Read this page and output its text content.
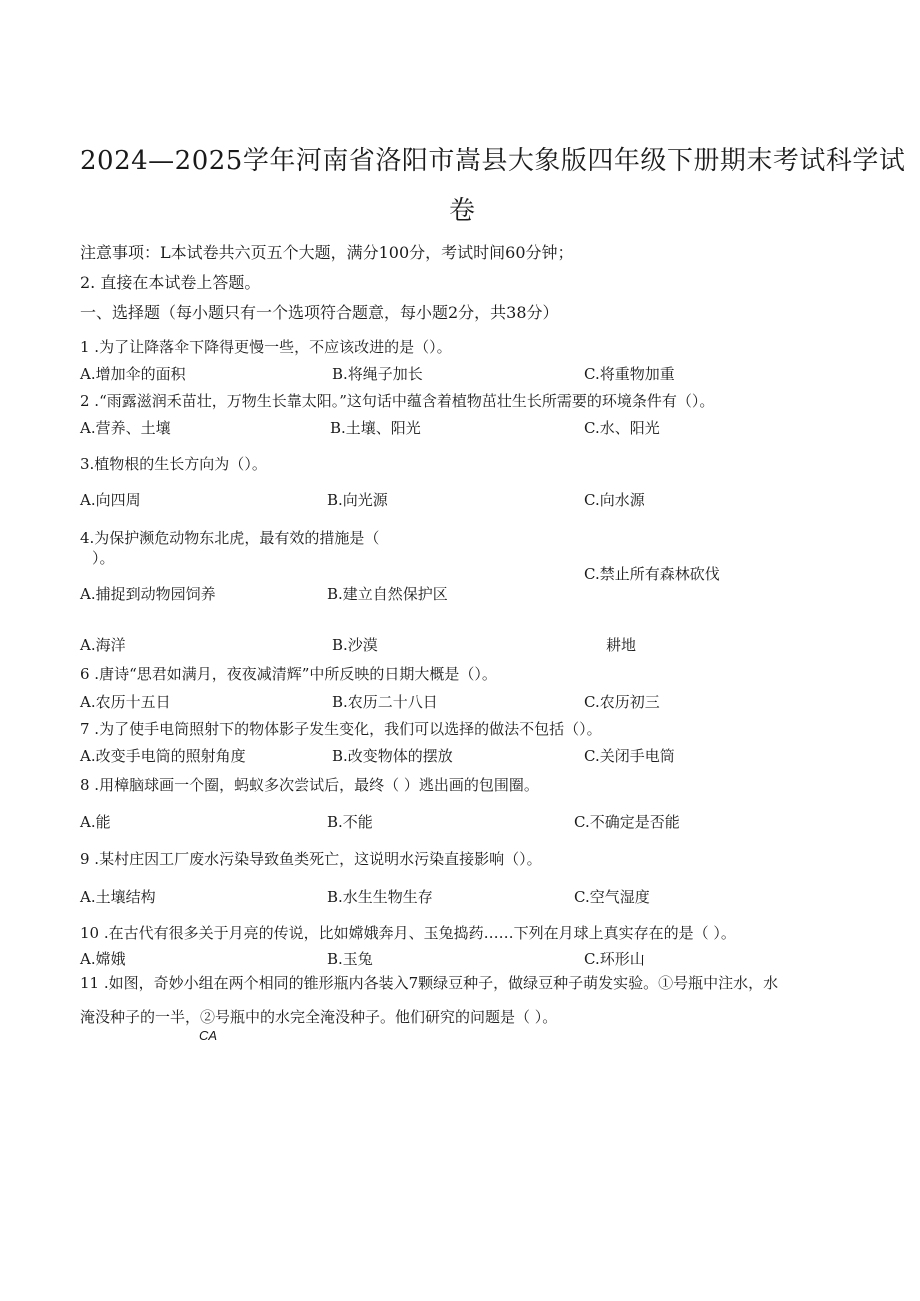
2024—2025学年河南省洛阳市嵩县大象版四年级下册期末考试科学试
卷
注意事项：L本试卷共六页五个大题，满分100分，考试时间60分钟；
2. 直接在本试卷上答题。
一、选择题（每小题只有一个选项符合题意，每小题2分，共38分）
1 .为了让降落伞下降得更慢一些，不应该改进的是（）。
A.增加伞的面积	B.将绳子加长	C.将重物加重
2 .“雨露滋润禾苗壮，万物生长靠太阳。”这句话中蕴含着植物茁壮生长所需要的环境条件有（）。
A.营养、土壤	B.土壤、阳光	C.水、阳光
3.植物根的生长方向为（）。
A.向四周	B.向光源	C.向水源
4.为保护濒危动物东北虎，最有效的措施是（
）。
C.禁止所有森林砍伐
A.捕捉到动物园饲养	B.建立自然保护区
A.海洋	B.沙漠	耕地
6 .唐诗“思君如满月，夜夜减清辉”中所反映的日期大概是（）。
A.农历十五日	B.农历二十八日	C.农历初三
7 .为了使手电筒照射下的物体影子发生变化，我们可以选择的做法不包括（）。
A.改变手电筒的照射角度	B.改变物体的摆放	C.关闭手电筒
8 .用樟脑球画一个圈，蚂蚁多次尝试后，最终（ ）逃出画的包围圈。
A.能	B.不能	C.不确定是否能
9 .某村庄因工厂废水污染导致鱼类死亡，这说明水污染直接影响（）。
A.土壤结构	B.水生生物生存	C.空气湿度
10 .在古代有很多关于月亮的传说，比如嫦娥奔月、玉兔捣药……下列在月球上真实存在的是（ ）。
A.嫦娥	B.玉兔	C.环形山
11 .如图，奇妙小组在两个相同的锥形瓶内各装入7颗绿豆种子，做绿豆种子萌发实验。①号瓶中注水，水
淹没种子的一半，②号瓶中的水完全淹没种子。他们研究的问题是（ ）。
CA
